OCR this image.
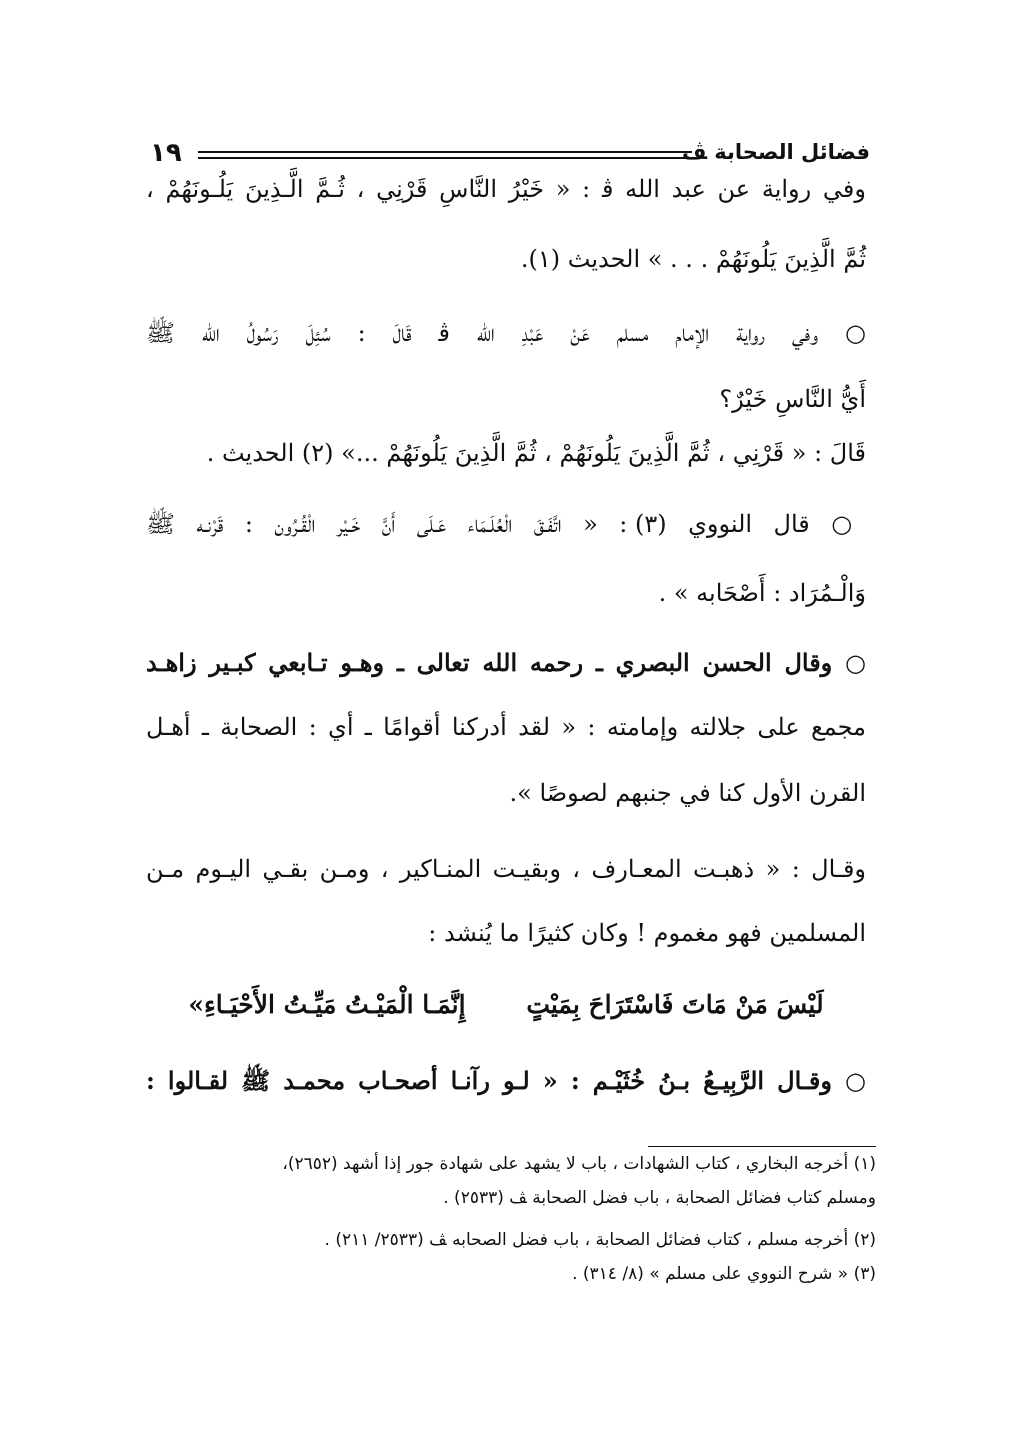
١٩	فضائل الصحابة ﭫ
وفي رواية عن عبد الله ﭬ : « خَيْرُ النَّاسِ قَرْنِي ، ثُـمَّ الَّـذِينَ يَلُـونَهُمْ ،
ثُمَّ الَّذِينَ يَلُونَهُمْ . . . » الحديث (١).
○ وفي رواية الإمام مسلم عَنْ عَبْدِ الله ﭬ قَالَ : سُئِلَ رَسُولُ الله ﷺ
أَيُّ النَّاسِ خَيْرٌ؟
قَالَ : « قَرْنِي ، ثُمَّ الَّذِينَ يَلُونَهُمْ ، ثُمَّ الَّذِينَ يَلُونَهُمْ ...» (٢) الحديث .
○ قال النووي (٣) : « اتَّفَـقَ الْعُلَـمَاء عَـلَى أَنَّ خَـيْر الْقُـرُون : قَرْنـه ﷺ
وَالْـمُرَاد : أَصْحَابه » .
○ وقال الحسن البصري ـ رحمه الله تعالى ـ وهـو تـابعي كبـير زاهـد
مجمع على جلالته وإمامته : « لقد أدركنا أقوامًا ـ أي : الصحابة ـ أهـل
القرن الأول كنا في جنبهم لصوصًا ».
وقـال : « ذهبـت المعـارف ، وبقيـت المنـاكير ، ومـن بقـي اليـوم مـن
المسلمين فهو مغموم ! وكان كثيرًا ما يُنشد :
لَيْسَ مَنْ مَاتَ فَاسْتَرَاحَ بِمَيْتٍ إِنَّمَـا الْمَيْـتُ مَيِّـتُ الأَحْيَـاءِ»
○ وقـال الرَّبِيـعُ بـنُ خُثَيْـم : « لـو رآنـا أصحـاب محمـد ﷺ لقـالوا :
(١) أخرجه البخاري ، كتاب الشهادات ، باب لا يشهد على شهادة جور إذا أشهد (٢٦٥٢)،
ومسلم كتاب فضائل الصحابة ، باب فضل الصحابة ﭫ (٢٥٣٣) .
(٢) أخرجه مسلم ، كتاب فضائل الصحابة ، باب فضل الصحابه ﭫ (٢٥٣٣/ ٢١١) .
(٣) « شرح النووي على مسلم » (٨/ ٣١٤) .
